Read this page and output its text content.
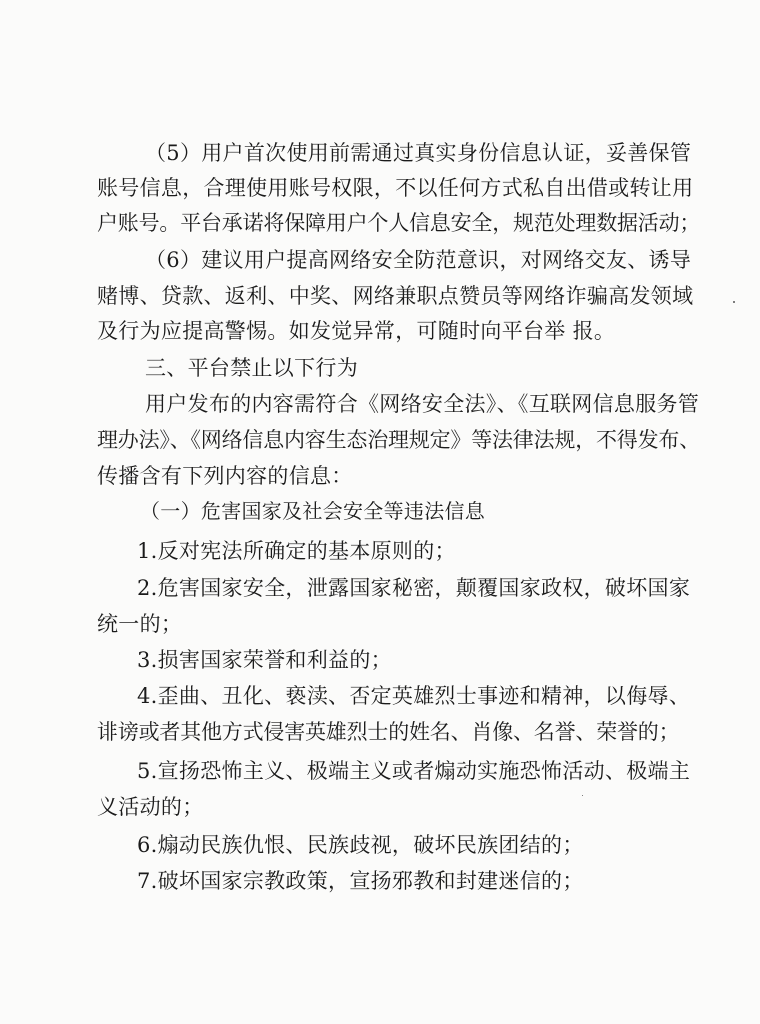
（5）用户首次使用前需通过真实身份信息认证，妥善保管
账号信息，合理使用账号权限，不以任何方式私自出借或转让用
户账号。平台承诺将保障用户个人信息安全，规范处理数据活动；
（6）建议用户提高网络安全防范意识，对网络交友、诱导
赌博、贷款、返利、中奖、网络兼职点赞员等网络诈骗高发领域
及行为应提高警惕。如发觉异常，可随时向平台举 报。
三、平台禁止以下行为
用户发布的内容需符合《网络安全法》、《互联网信息服务管
理办法》、《网络信息内容生态治理规定》等法律法规，不得发布、
传播含有下列内容的信息：
（一）危害国家及社会安全等违法信息
1.反对宪法所确定的基本原则的；
2.危害国家安全，泄露国家秘密，颠覆国家政权，破坏国家
统一的；
3.损害国家荣誉和利益的；
4.歪曲、丑化、亵渎、否定英雄烈士事迹和精神，以侮辱、
诽谤或者其他方式侵害英雄烈士的姓名、肖像、名誉、荣誉的；
5.宣扬恐怖主义、极端主义或者煽动实施恐怖活动、极端主
义活动的；
6.煽动民族仇恨、民族歧视，破坏民族团结的；
7.破坏国家宗教政策，宣扬邪教和封建迷信的；
